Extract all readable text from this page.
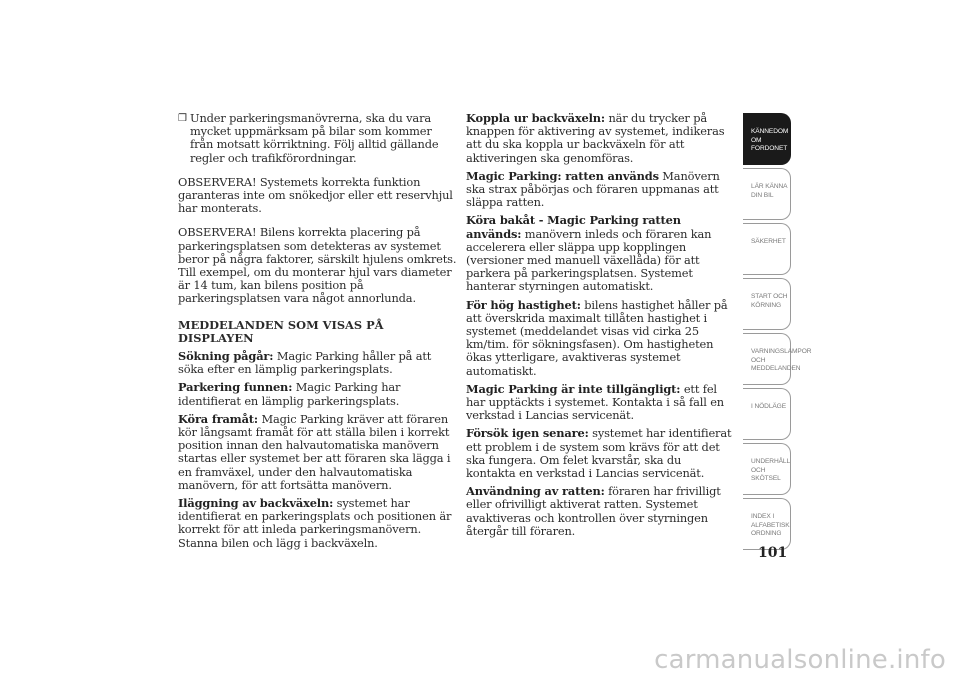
❒ Under parkeringsmanövrerna, ska du vara mycket uppmärksam på bilar som kommer från motsatt körriktning. Följ alltid gällande regler och trafikförordningar.

OBSERVERA! Systemets korrekta funktion garanteras inte om snökedjor eller ett reservhjul har monterats.

OBSERVERA! Bilens korrekta placering på parkeringsplatsen som detekteras av systemet beror på några faktorer, särskilt hjulens omkrets. Till exempel, om du monterar hjul vars diameter är 14 tum, kan bilens position på parkeringsplatsen vara något annorlunda.

MEDDELANDEN SOM VISAS PÅ DISPLAYEN

Sökning pågår: Magic Parking håller på att söka efter en lämplig parkeringsplats.

Parkering funnen: Magic Parking har identifierat en lämplig parkeringsplats.

Köra framåt: Magic Parking kräver att föraren kör långsamt framåt för att ställa bilen i korrekt position innan den halvautomatiska manövern startas eller systemet ber att föraren ska lägga i en framväxel, under den halvautomatiska manövern, för att fortsätta manövern.

Iläggning av backväxeln: systemet har identifierat en parkeringsplats och positionen är korrekt för att inleda parkeringsmanövern. Stanna bilen och lägg i backväxeln.

Koppla ur backväxeln: när du trycker på knappen för aktivering av systemet, indikeras att du ska koppla ur backväxeln för att aktiveringen ska genomföras.

Magic Parking: ratten används Manövern ska strax påbörjas och föraren uppmanas att släppa ratten.

Köra bakåt - Magic Parking ratten används: manövern inleds och föraren kan accelerera eller släppa upp kopplingen (versioner med manuell växellåda) för att parkera på parkeringsplatsen. Systemet hanterar styrningen automatiskt.

För hög hastighet: bilens hastighet håller på att överskrida maximalt tillåten hastighet i systemet (meddelandet visas vid cirka 25 km/tim. för sökningsfasen). Om hastigheten ökas ytterligare, avaktiveras systemet automatiskt.

Magic Parking är inte tillgängligt: ett fel har upptäckts i systemet. Kontakta i så fall en verkstad i Lancias servicenät.

Försök igen senare: systemet har identifierat ett problem i de system som krävs för att det ska fungera. Om felet kvarstår, ska du kontakta en verkstad i Lancias servicenät.

Användning av ratten: föraren har frivilligt eller ofrivilligt aktiverat ratten. Systemet avaktiveras och kontrollen över styrningen återgår till föraren.

KÄNNEDOM OM FORDONET
LÄR KÄNNA DIN BIL
SÄKERHET
START OCH KÖRNING
VARNINGSLAMPOR OCH MEDDELANDEN
I NÖDLÄGE
UNDERHÅLL OCH SKÖTSEL
INDEX I ALFABETISK ORDNING
101
carmanualsonline.info
